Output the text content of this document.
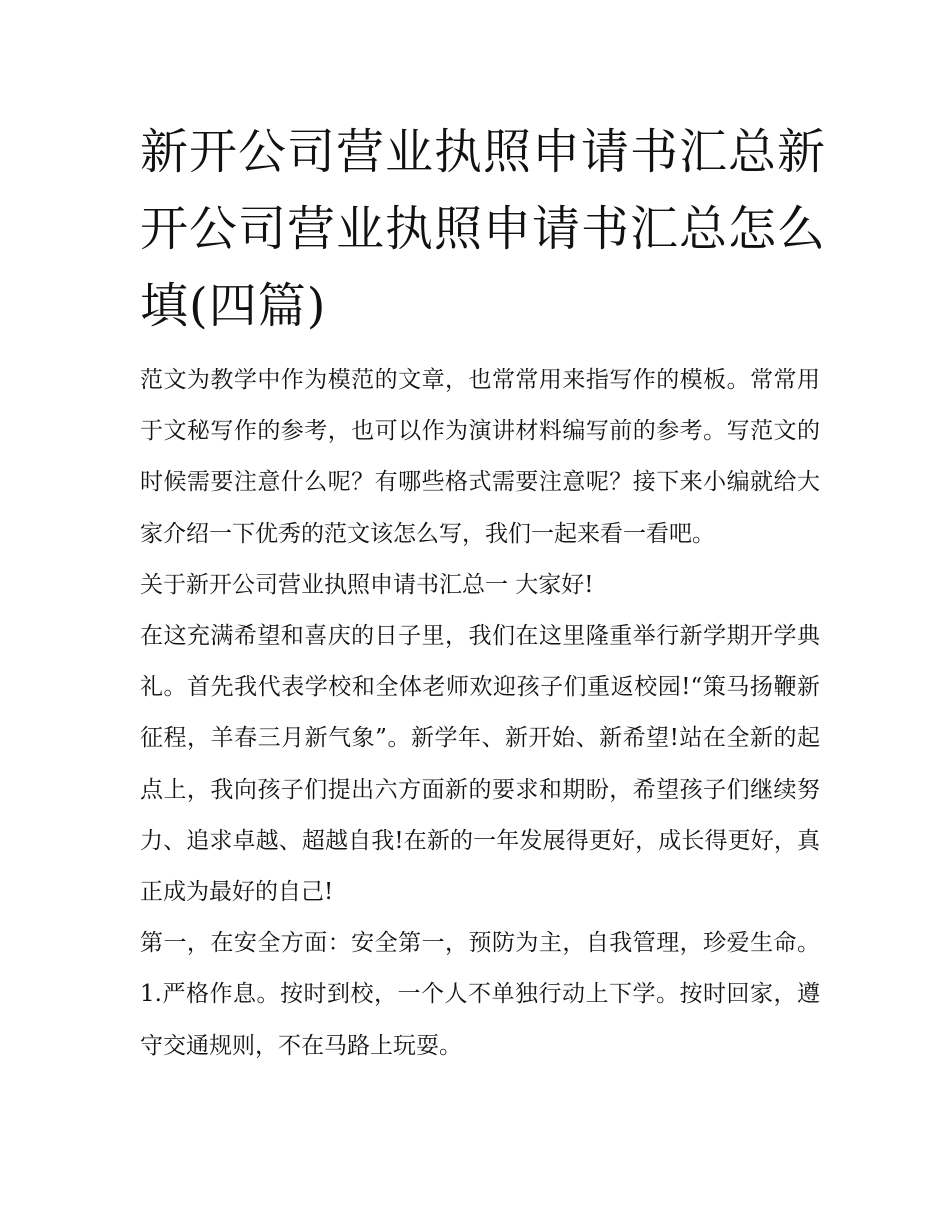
新开公司营业执照申请书汇总新开公司营业执照申请书汇总怎么填(四篇)

范文为教学中作为模范的文章，也常常用来指写作的模板。常常用于文秘写作的参考，也可以作为演讲材料编写前的参考。写范文的时候需要注意什么呢？有哪些格式需要注意呢？接下来小编就给大家介绍一下优秀的范文该怎么写，我们一起来看一看吧。

关于新开公司营业执照申请书汇总一 大家好!

在这充满希望和喜庆的日子里，我们在这里隆重举行新学期开学典礼。首先我代表学校和全体老师欢迎孩子们重返校园!“策马扬鞭新征程，羊春三月新气象”。新学年、新开始、新希望!站在全新的起点上，我向孩子们提出六方面新的要求和期盼，希望孩子们继续努力、追求卓越、超越自我!在新的一年发展得更好，成长得更好，真正成为最好的自己!

第一，在安全方面：安全第一，预防为主，自我管理，珍爱生命。 1.严格作息。按时到校，一个人不单独行动上下学。按时回家，遵守交通规则，不在马路上玩耍。
